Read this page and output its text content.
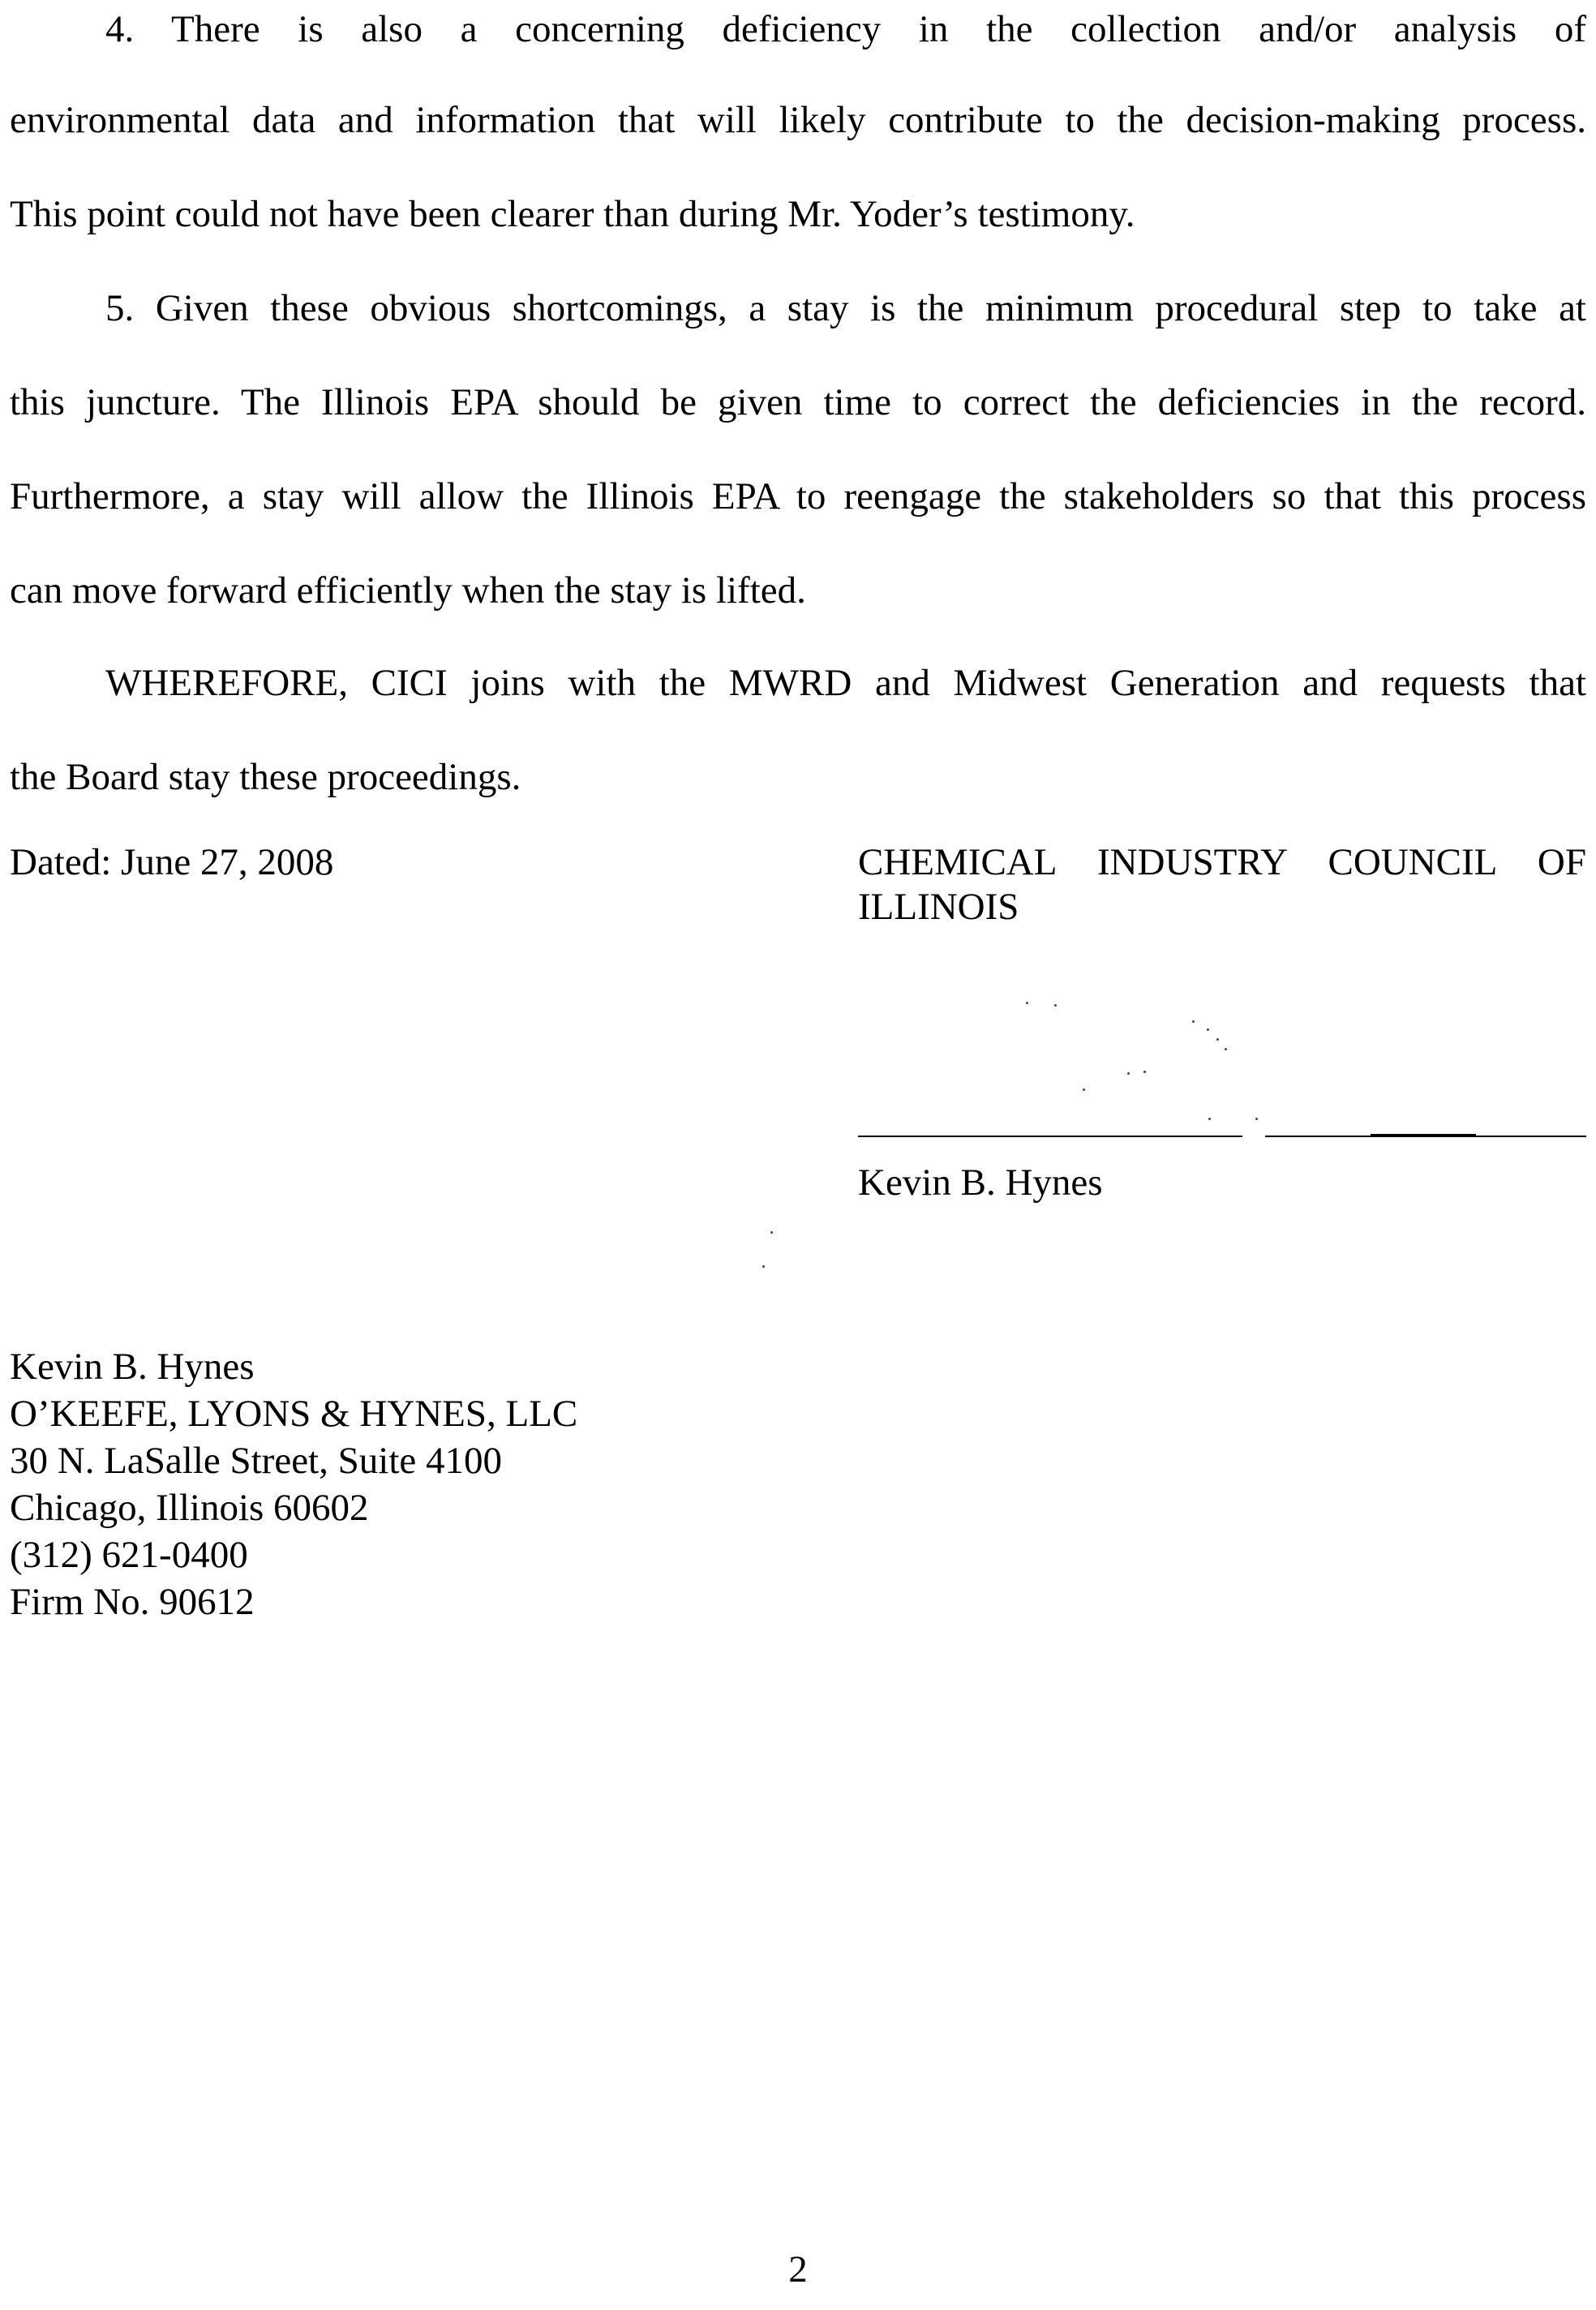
4. There is also a concerning deficiency in the collection and/or analysis of
environmental data and information that will likely contribute to the decision-making process.
This point could not have been clearer than during Mr. Yoder’s testimony.
5. Given these obvious shortcomings, a stay is the minimum procedural step to take at
this juncture. The Illinois EPA should be given time to correct the deficiencies in the record.
Furthermore, a stay will allow the Illinois EPA to reengage the stakeholders so that this process
can move forward efficiently when the stay is lifted.
WHEREFORE, CICI joins with the MWRD and Midwest Generation and requests that
the Board stay these proceedings.
Dated: June 27, 2008	CHEMICAL INDUSTRY COUNCIL OF
ILLINOIS
Kevin B. Hynes
Kevin B. Hynes
O’KEEFE, LYONS & HYNES, LLC
30 N. LaSalle Street, Suite 4100
Chicago, Illinois 60602
(312) 621-0400
Firm No. 90612
2
